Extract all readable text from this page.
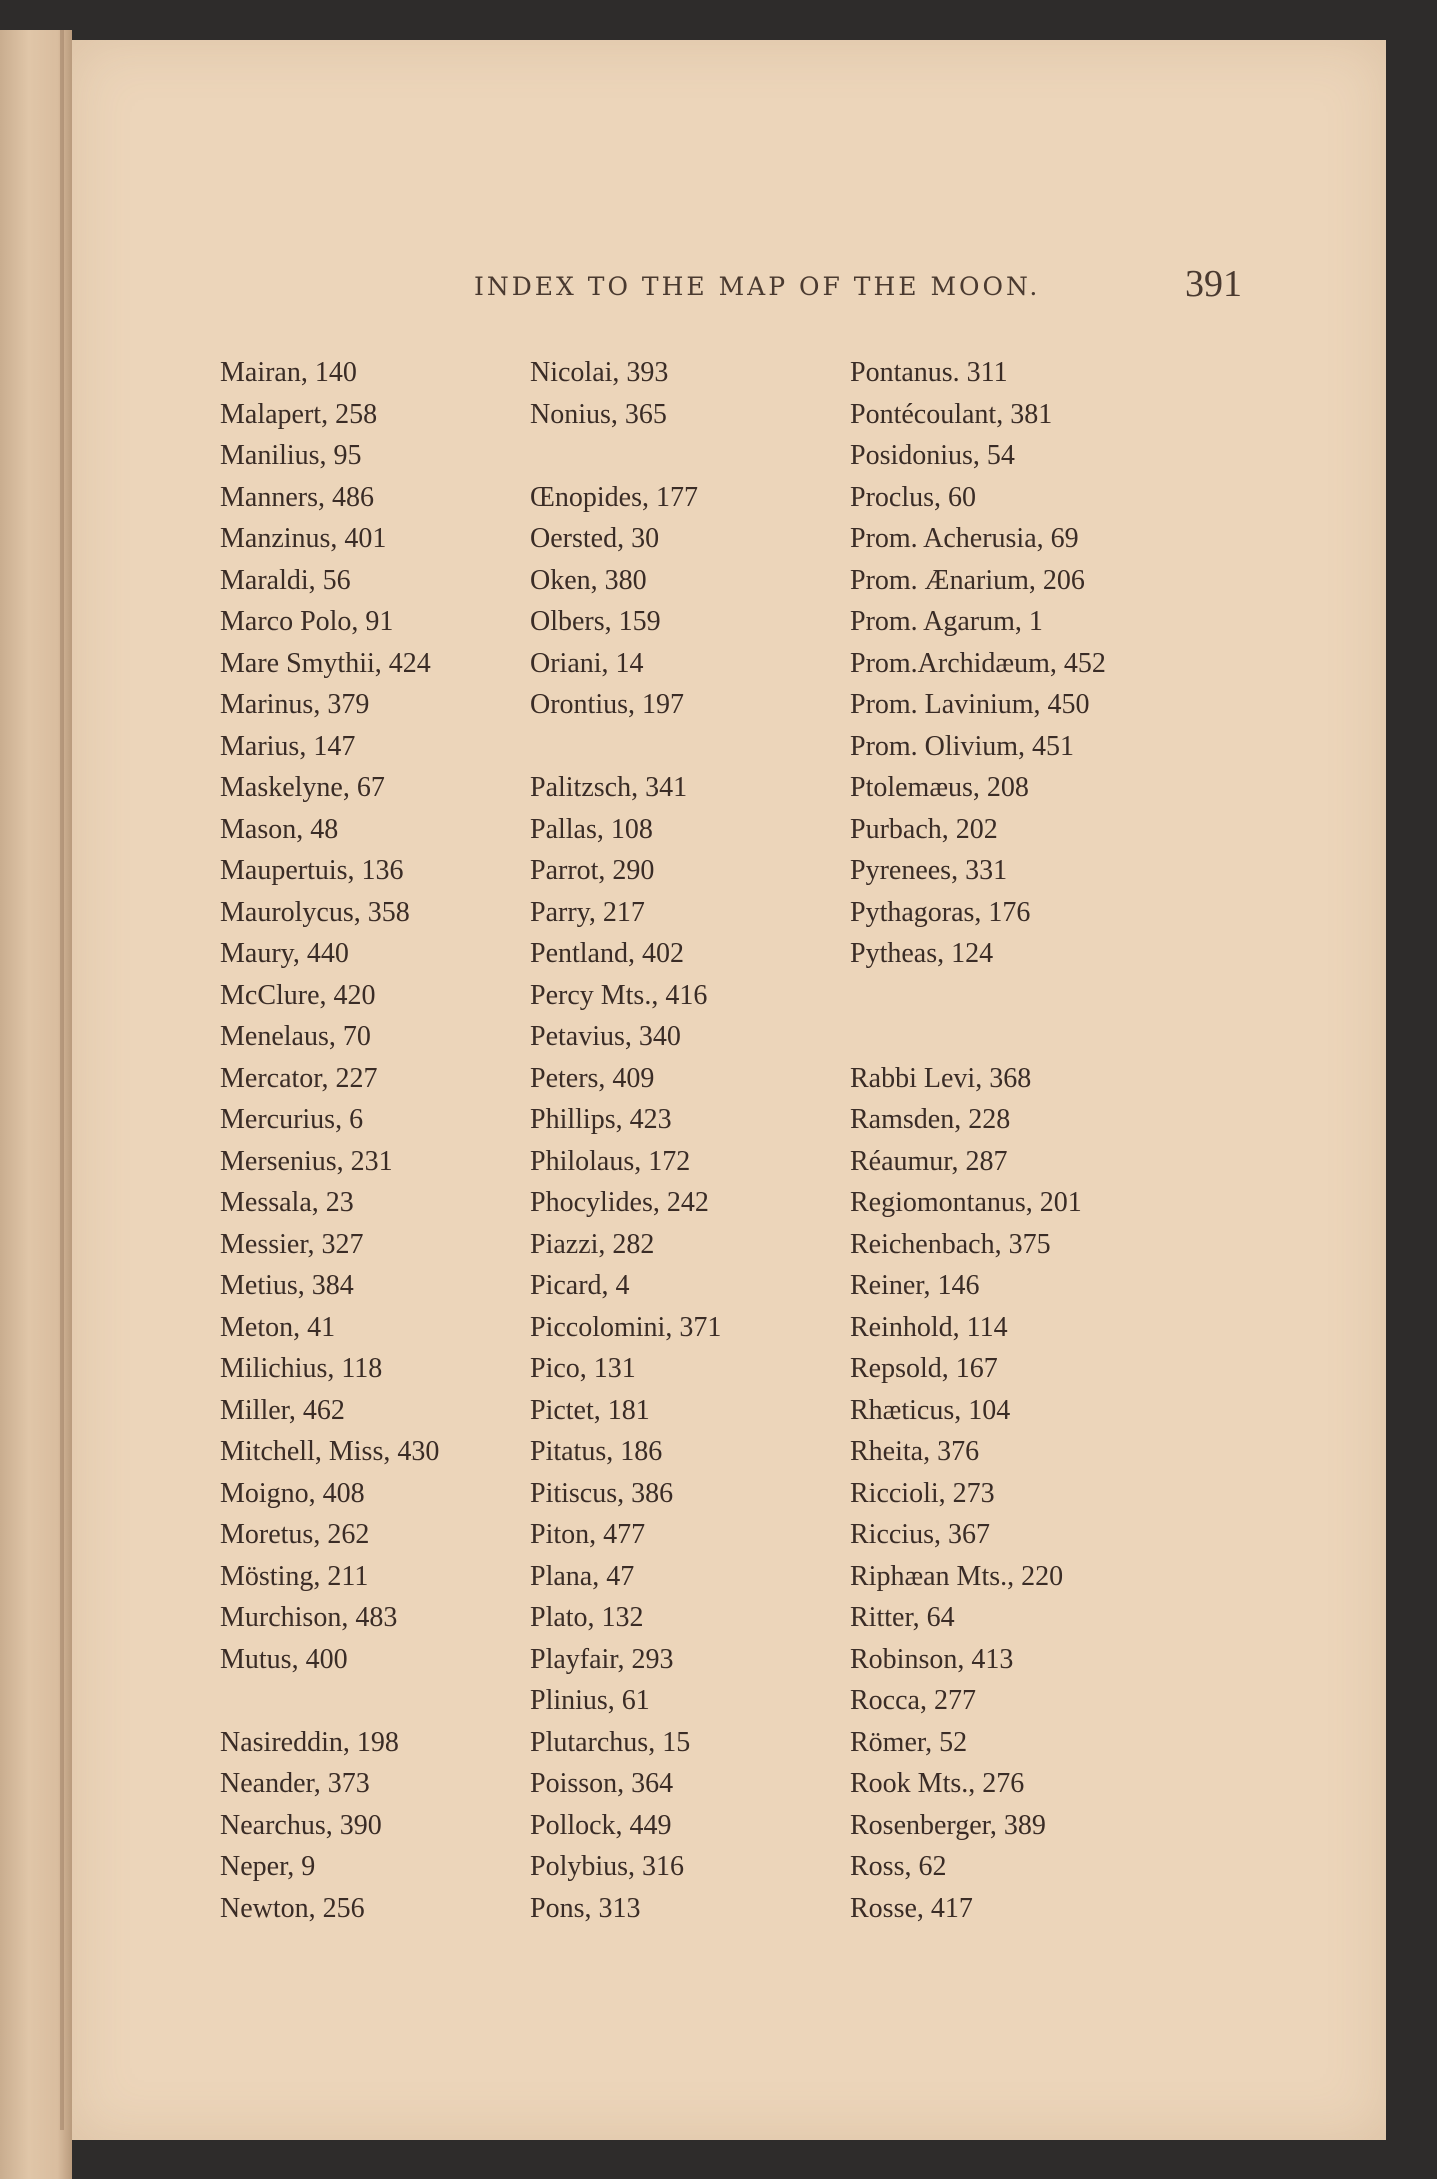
INDEX TO THE MAP OF THE MOON.	391
Mairan, 140
Malapert, 258
Manilius, 95
Manners, 486
Manzinus, 401
Maraldi, 56
Marco Polo, 91
Mare Smythii, 424
Marinus, 379
Marius, 147
Maskelyne, 67
Mason, 48
Maupertuis, 136
Maurolycus, 358
Maury, 440
McClure, 420
Menelaus, 70
Mercator, 227
Mercurius, 6
Mersenius, 231
Messala, 23
Messier, 327
Metius, 384
Meton, 41
Milichius, 118
Miller, 462
Mitchell, Miss, 430
Moigno, 408
Moretus, 262
Mösting, 211
Murchison, 483
Mutus, 400
Nasireddin, 198
Neander, 373
Nearchus, 390
Neper, 9
Newton, 256
Nicolai, 393
Nonius, 365
Œnopides, 177
Oersted, 30
Oken, 380
Olbers, 159
Oriani, 14
Orontius, 197
Palitzsch, 341
Pallas, 108
Parrot, 290
Parry, 217
Pentland, 402
Percy Mts., 416
Petavius, 340
Peters, 409
Phillips, 423
Philolaus, 172
Phocylides, 242
Piazzi, 282
Picard, 4
Piccolomini, 371
Pico, 131
Pictet, 181
Pitatus, 186
Pitiscus, 386
Piton, 477
Plana, 47
Plato, 132
Playfair, 293
Plinius, 61
Plutarchus, 15
Poisson, 364
Pollock, 449
Polybius, 316
Pons, 313
Pontanus. 311
Pontécoulant, 381
Posidonius, 54
Proclus, 60
Prom. Acherusia, 69
Prom. Ænarium, 206
Prom. Agarum, 1
Prom.Archidæum, 452
Prom. Lavinium, 450
Prom. Olivium, 451
Ptolemæus, 208
Purbach, 202
Pyrenees, 331
Pythagoras, 176
Pytheas, 124
Rabbi Levi, 368
Ramsden, 228
Réaumur, 287
Regiomontanus, 201
Reichenbach, 375
Reiner, 146
Reinhold, 114
Repsold, 167
Rhæticus, 104
Rheita, 376
Riccioli, 273
Riccius, 367
Riphæan Mts., 220
Ritter, 64
Robinson, 413
Rocca, 277
Römer, 52
Rook Mts., 276
Rosenberger, 389
Ross, 62
Rosse, 417
